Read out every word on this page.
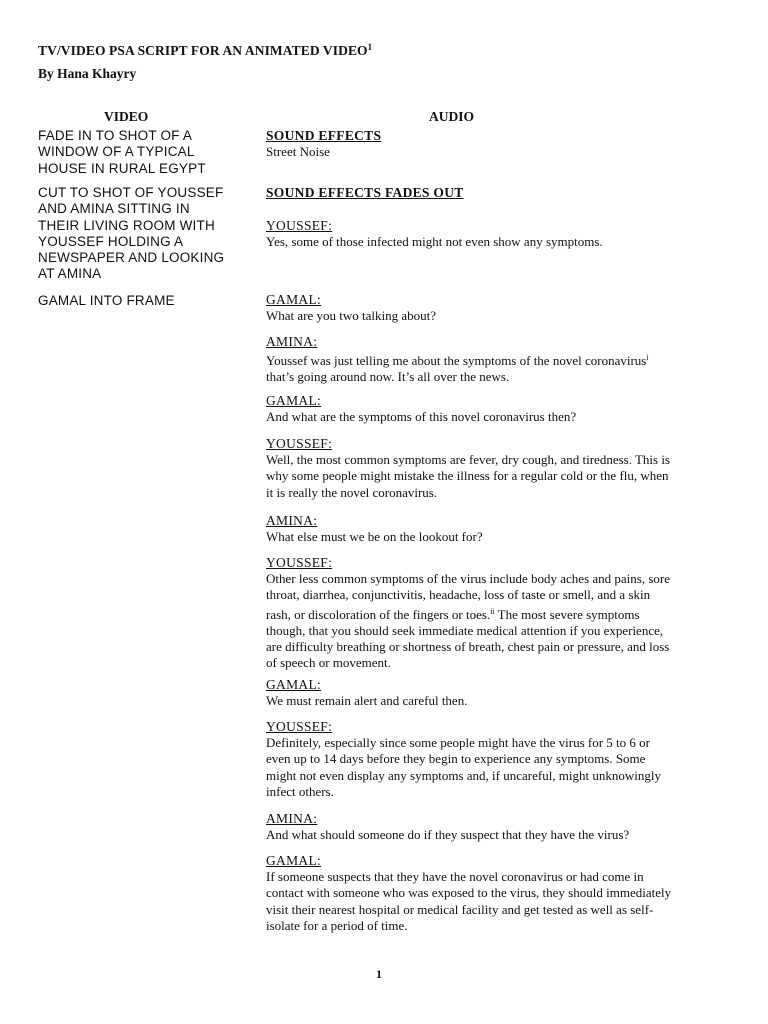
TV/VIDEO PSA SCRIPT FOR AN ANIMATED VIDEO$^1$
By Hana Khayry
VIDEO	AUDIO
FADE IN TO SHOT OF A
WINDOW OF A TYPICAL
HOUSE IN RURAL EGYPT
CUT TO SHOT OF YOUSSEF
AND AMINA SITTING IN
THEIR LIVING ROOM WITH
YOUSSEF HOLDING A
NEWSPAPER AND LOOKING
AT AMINA
GAMAL INTO FRAME
SOUND EFFECTS
Street Noise
SOUND EFFECTS FADES OUT
YOUSSEF:
Yes, some of those infected might not even show any symptoms.
GAMAL:
What are you two talking about?
AMINA:
Youssef was just telling me about the symptoms of the novel coronavirus$^i$
that’s going around now. It’s all over the news.
GAMAL:
And what are the symptoms of this novel coronavirus then?
YOUSSEF:
Well, the most common symptoms are fever, dry cough, and tiredness. This is
why some people might mistake the illness for a regular cold or the flu, when
it is really the novel coronavirus.
AMINA:
What else must we be on the lookout for?
YOUSSEF:
Other less common symptoms of the virus include body aches and pains, sore
throat, diarrhea, conjunctivitis, headache, loss of taste or smell, and a skin
rash, or discoloration of the fingers or toes.$^{ii}$ The most severe symptoms
though, that you should seek immediate medical attention if you experience,
are difficulty breathing or shortness of breath, chest pain or pressure, and loss
of speech or movement.
GAMAL:
We must remain alert and careful then.
YOUSSEF:
Definitely, especially since some people might have the virus for 5 to 6 or
even up to 14 days before they begin to experience any symptoms. Some
might not even display any symptoms and, if uncareful, might unknowingly
infect others.
AMINA:
And what should someone do if they suspect that they have the virus?
GAMAL:
If someone suspects that they have the novel coronavirus or had come in
contact with someone who was exposed to the virus, they should immediately
visit their nearest hospital or medical facility and get tested as well as self-
isolate for a period of time.
1
